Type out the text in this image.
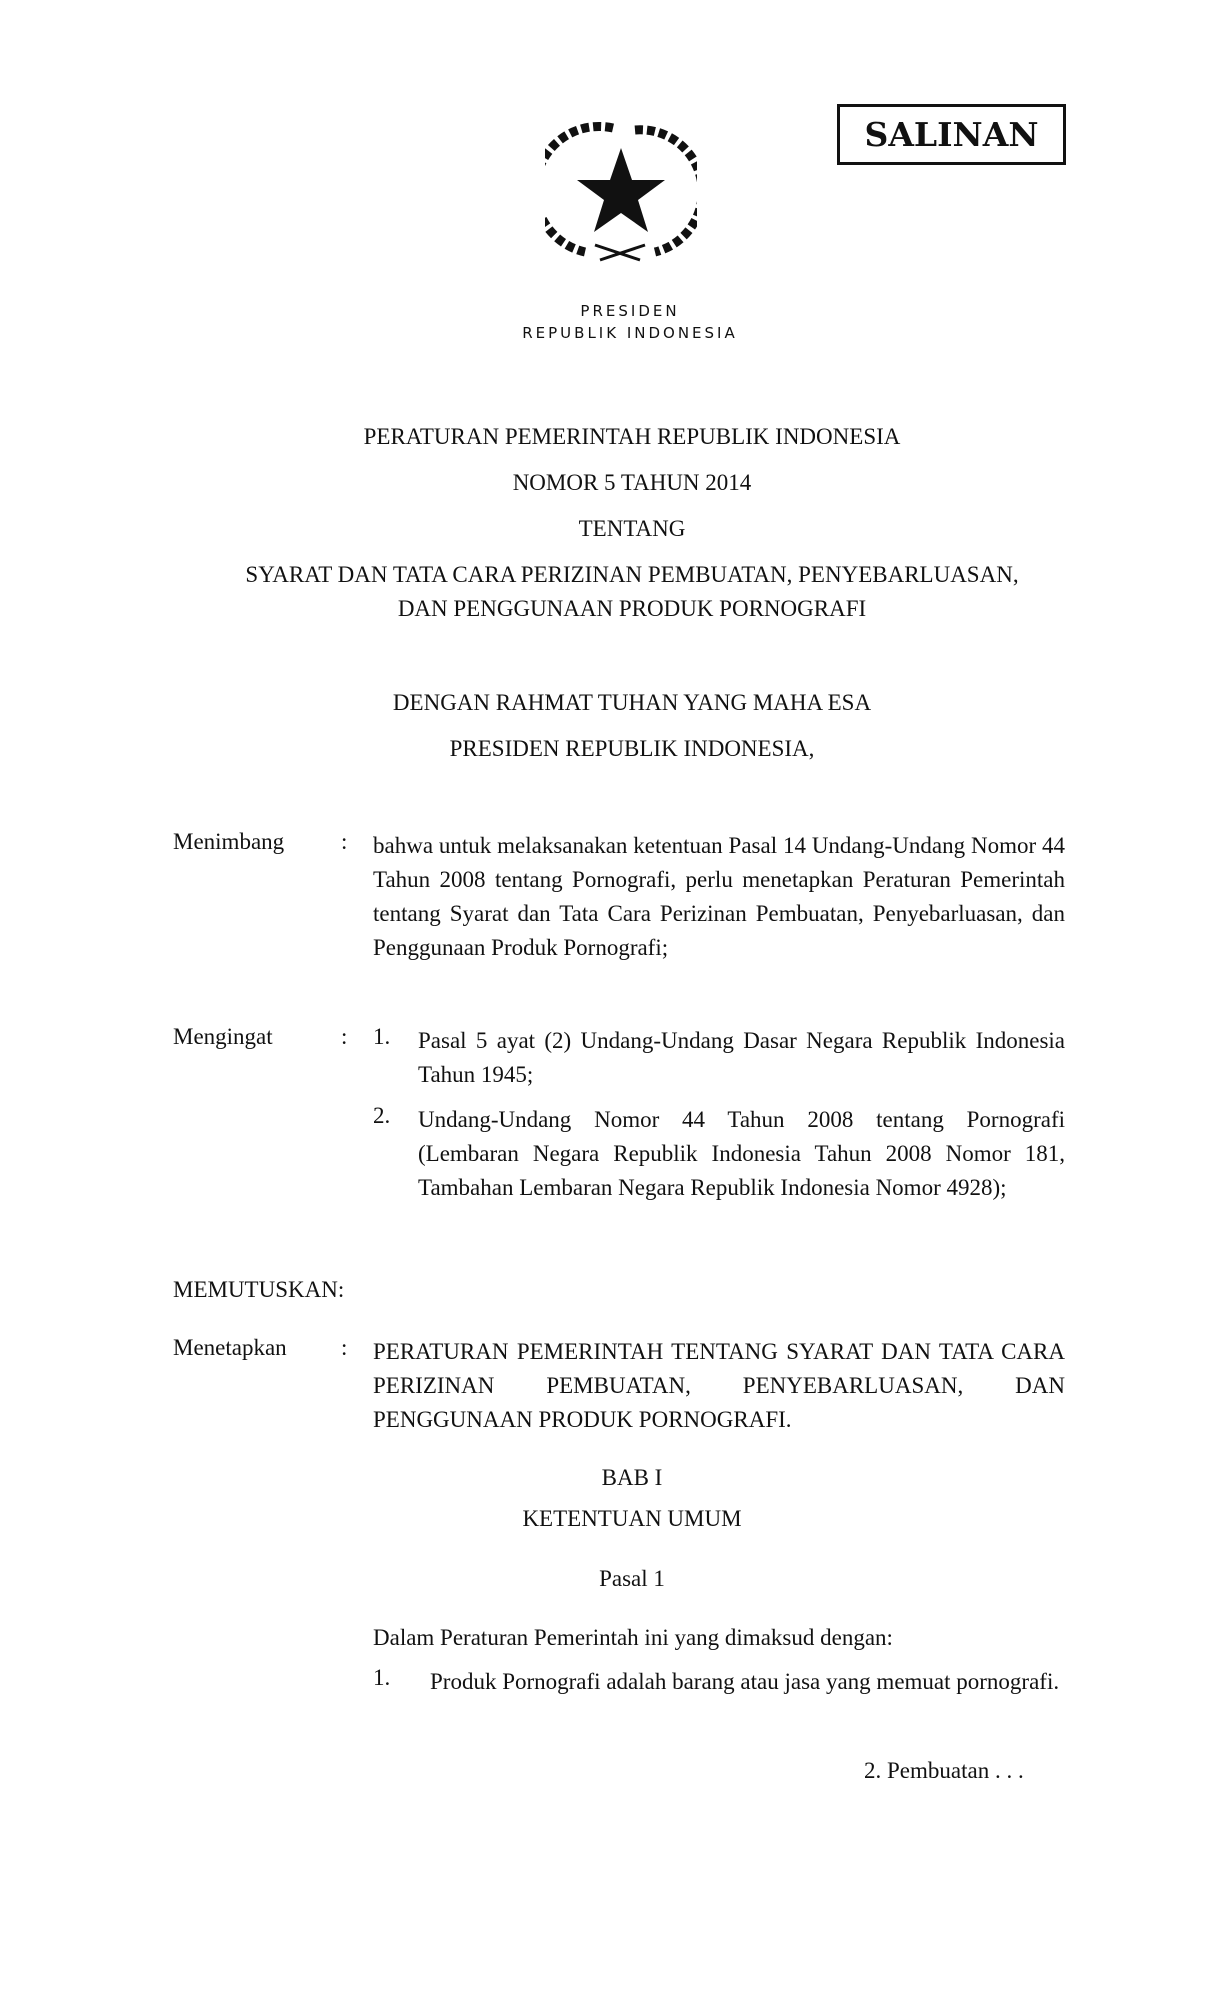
SALINAN
PRESIDEN
REPUBLIK INDONESIA
PERATURAN PEMERINTAH REPUBLIK INDONESIA
NOMOR 5 TAHUN 2014
TENTANG
SYARAT DAN TATA CARA PERIZINAN PEMBUATAN, PENYEBARLUASAN,
DAN PENGGUNAAN PRODUK PORNOGRAFI
DENGAN RAHMAT TUHAN YANG MAHA ESA
PRESIDEN REPUBLIK INDONESIA,
Menimbang : bahwa untuk melaksanakan ketentuan Pasal 14 Undang-Undang Nomor 44 Tahun 2008 tentang Pornografi, perlu menetapkan Peraturan Pemerintah tentang Syarat dan Tata Cara Perizinan Pembuatan, Penyebarluasan, dan Penggunaan Produk Pornografi;
Mengingat	: 1. Pasal 5 ayat (2) Undang-Undang Dasar Negara Republik Indonesia Tahun 1945;
2. Undang-Undang Nomor 44 Tahun 2008 tentang Pornografi (Lembaran Negara Republik Indonesia Tahun 2008 Nomor 181, Tambahan Lembaran Negara Republik Indonesia Nomor 4928);
MEMUTUSKAN:
Menetapkan : PERATURAN PEMERINTAH TENTANG SYARAT DAN TATA CARA PERIZINAN PEMBUATAN, PENYEBARLUASAN, DAN PENGGUNAAN PRODUK PORNOGRAFI.
BAB I
KETENTUAN UMUM
Pasal 1
Dalam Peraturan Pemerintah ini yang dimaksud dengan:
1. Produk Pornografi adalah barang atau jasa yang memuat pornografi.
2. Pembuatan . . .
